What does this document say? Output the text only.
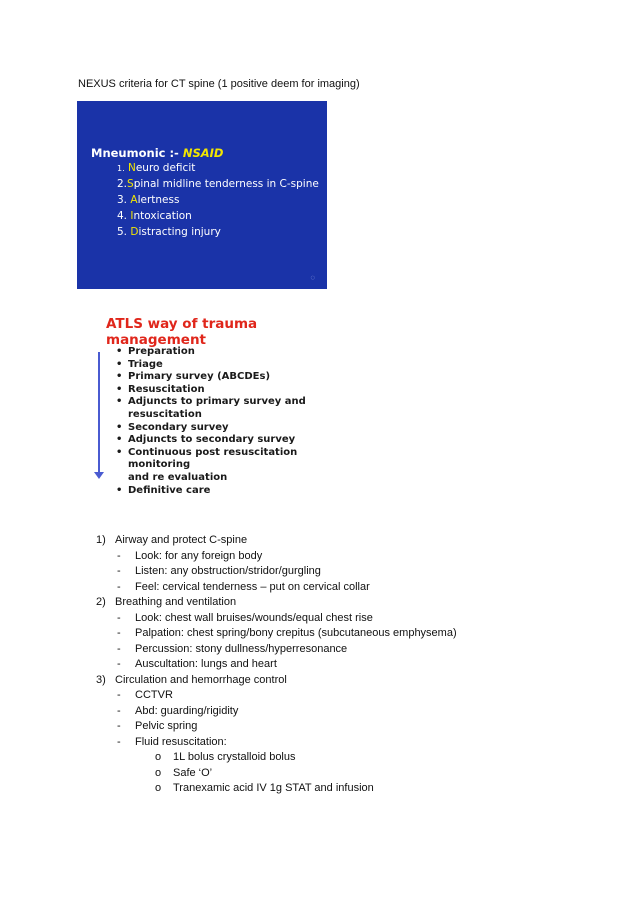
NEXUS criteria for CT spine (1 positive deem for imaging)
Mneumonic :- NSAID
1. Neuro deficit
2.Spinal midline tenderness in C-spine
3. Alertness
4. Intoxication
5. Distracting injury
○
ATLS way of trauma management
• Preparation
• Triage
• Primary survey (ABCDEs)
• Resuscitation
• Adjuncts to primary survey and
resuscitation
• Secondary survey
• Adjuncts to secondary survey
• Continuous post resuscitation monitoring
and re evaluation
• Definitive care
1) Airway and protect C-spine
- Look: for any foreign body
- Listen: any obstruction/stridor/gurgling
- Feel: cervical tenderness – put on cervical collar
2) Breathing and ventilation
- Look: chest wall bruises/wounds/equal chest rise
- Palpation: chest spring/bony crepitus (subcutaneous emphysema)
- Percussion: stony dullness/hyperresonance
- Auscultation: lungs and heart
3) Circulation and hemorrhage control
- CCTVR
- Abd: guarding/rigidity
- Pelvic spring
- Fluid resuscitation:
o 1L bolus crystalloid bolus
o Safe ‘O’
o Tranexamic acid IV 1g STAT and infusion
